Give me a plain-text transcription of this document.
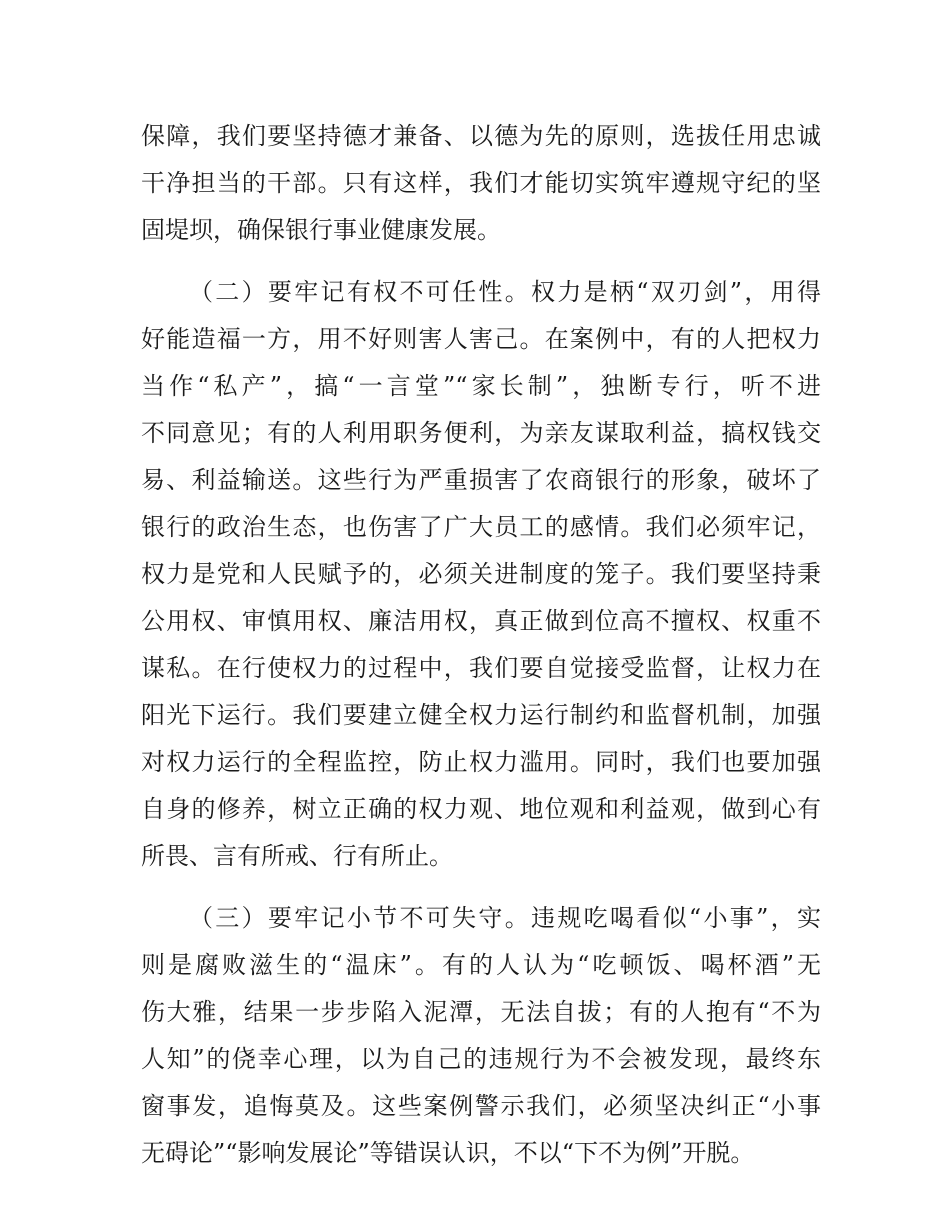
保障，我们要坚持德才兼备、以德为先的原则，选拔任用忠诚
干净担当的干部。只有这样，我们才能切实筑牢遵规守纪的坚
固堤坝，确保银行事业健康发展。
（二）要牢记有权不可任性。权力是柄“双刃剑”，用得
好能造福一方，用不好则害人害己。在案例中，有的人把权力
当作“私产”，搞“一言堂”“家长制”，独断专行，听不进
不同意见；有的人利用职务便利，为亲友谋取利益，搞权钱交
易、利益输送。这些行为严重损害了农商银行的形象，破坏了
银行的政治生态，也伤害了广大员工的感情。我们必须牢记，
权力是党和人民赋予的，必须关进制度的笼子。我们要坚持秉
公用权、审慎用权、廉洁用权，真正做到位高不擅权、权重不
谋私。在行使权力的过程中，我们要自觉接受监督，让权力在
阳光下运行。我们要建立健全权力运行制约和监督机制，加强
对权力运行的全程监控，防止权力滥用。同时，我们也要加强
自身的修养，树立正确的权力观、地位观和利益观，做到心有
所畏、言有所戒、行有所止。
（三）要牢记小节不可失守。违规吃喝看似“小事”，实
则是腐败滋生的“温床”。有的人认为“吃顿饭、喝杯酒”无
伤大雅，结果一步步陷入泥潭，无法自拔；有的人抱有“不为
人知”的侥幸心理，以为自己的违规行为不会被发现，最终东
窗事发，追悔莫及。这些案例警示我们，必须坚决纠正“小事
无碍论”“影响发展论”等错误认识，不以“下不为例”开脱。
